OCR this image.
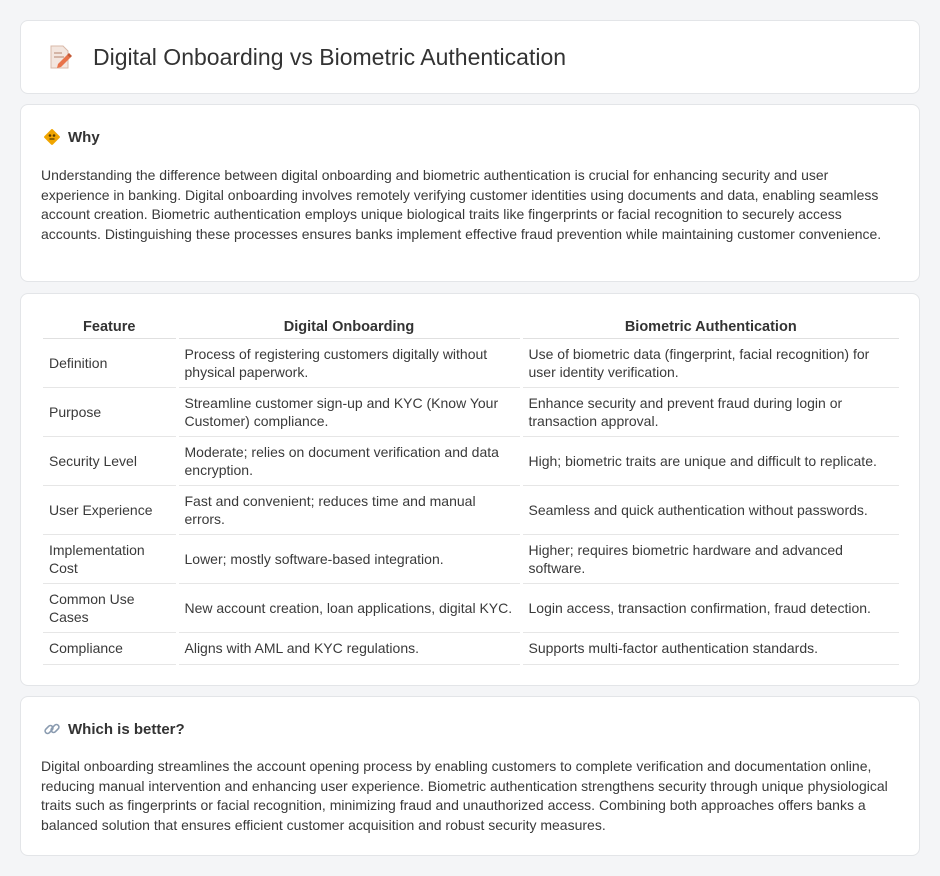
Digital Onboarding vs Biometric Authentication
Why

Understanding the difference between digital onboarding and biometric authentication is crucial for enhancing security and user experience in banking. Digital onboarding involves remotely verifying customer identities using documents and data, enabling seamless account creation. Biometric authentication employs unique biological traits like fingerprints or facial recognition to securely access accounts. Distinguishing these processes ensures banks implement effective fraud prevention while maintaining customer convenience.

Feature	Digital Onboarding	Biometric Authentication
Definition	Process of registering customers digitally without physical paperwork.	Use of biometric data (fingerprint, facial recognition) for user identity verification.
Purpose	Streamline customer sign-up and KYC (Know Your Customer) compliance.	Enhance security and prevent fraud during login or transaction approval.
Security Level	Moderate; relies on document verification and data encryption.	High; biometric traits are unique and difficult to replicate.
User Experience	Fast and convenient; reduces time and manual errors.	Seamless and quick authentication without passwords.
Implementation Cost	Lower; mostly software-based integration.	Higher; requires biometric hardware and advanced software.
Common Use Cases	New account creation, loan applications, digital KYC.	Login access, transaction confirmation, fraud detection.
Compliance	Aligns with AML and KYC regulations.	Supports multi-factor authentication standards.
Which is better?

Digital onboarding streamlines the account opening process by enabling customers to complete verification and documentation online, reducing manual intervention and enhancing user experience. Biometric authentication strengthens security through unique physiological traits such as fingerprints or facial recognition, minimizing fraud and unauthorized access. Combining both approaches offers banks a balanced solution that ensures efficient customer acquisition and robust security measures.
